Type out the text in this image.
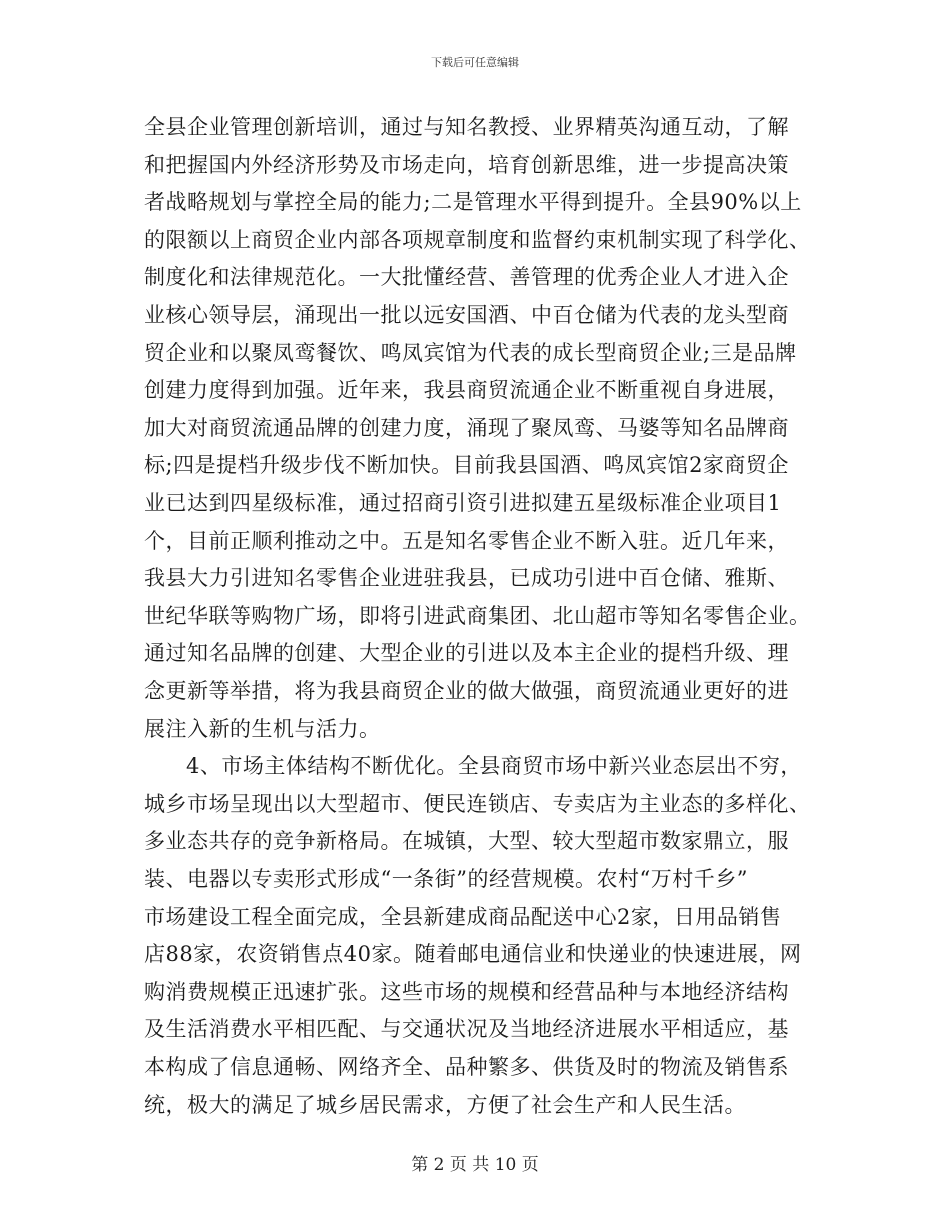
下载后可任意编辑
全县企业管理创新培训，通过与知名教授、业界精英沟通互动，了解
和把握国内外经济形势及市场走向，培育创新思维，进一步提高决策
者战略规划与掌控全局的能力;二是管理水平得到提升。全县90%以上
的限额以上商贸企业内部各项规章制度和监督约束机制实现了科学化、
制度化和法律规范化。一大批懂经营、善管理的优秀企业人才进入企
业核心领导层，涌现出一批以远安国酒、中百仓储为代表的龙头型商
贸企业和以聚凤鸾餐饮、鸣凤宾馆为代表的成长型商贸企业;三是品牌
创建力度得到加强。近年来，我县商贸流通企业不断重视自身进展，
加大对商贸流通品牌的创建力度，涌现了聚凤鸾、马婆等知名品牌商
标;四是提档升级步伐不断加快。目前我县国酒、鸣凤宾馆2家商贸企
业已达到四星级标准，通过招商引资引进拟建五星级标准企业项目1
个，目前正顺利推动之中。五是知名零售企业不断入驻。近几年来，
我县大力引进知名零售企业进驻我县，已成功引进中百仓储、雅斯、
世纪华联等购物广场，即将引进武商集团、北山超市等知名零售企业。
通过知名品牌的创建、大型企业的引进以及本主企业的提档升级、理
念更新等举措，将为我县商贸企业的做大做强，商贸流通业更好的进
展注入新的生机与活力。
4、市场主体结构不断优化。全县商贸市场中新兴业态层出不穷，
城乡市场呈现出以大型超市、便民连锁店、专卖店为主业态的多样化、
多业态共存的竞争新格局。在城镇，大型、较大型超市数家鼎立，服
装、电器以专卖形式形成“一条街”的经营规模。农村“万村千乡”
市场建设工程全面完成，全县新建成商品配送中心2家，日用品销售
店88家，农资销售点40家。随着邮电通信业和快递业的快速进展，网
购消费规模正迅速扩张。这些市场的规模和经营品种与本地经济结构
及生活消费水平相匹配、与交通状况及当地经济进展水平相适应，基
本构成了信息通畅、网络齐全、品种繁多、供货及时的物流及销售系
统，极大的满足了城乡居民需求，方便了社会生产和人民生活。
第 2 页 共 10 页
